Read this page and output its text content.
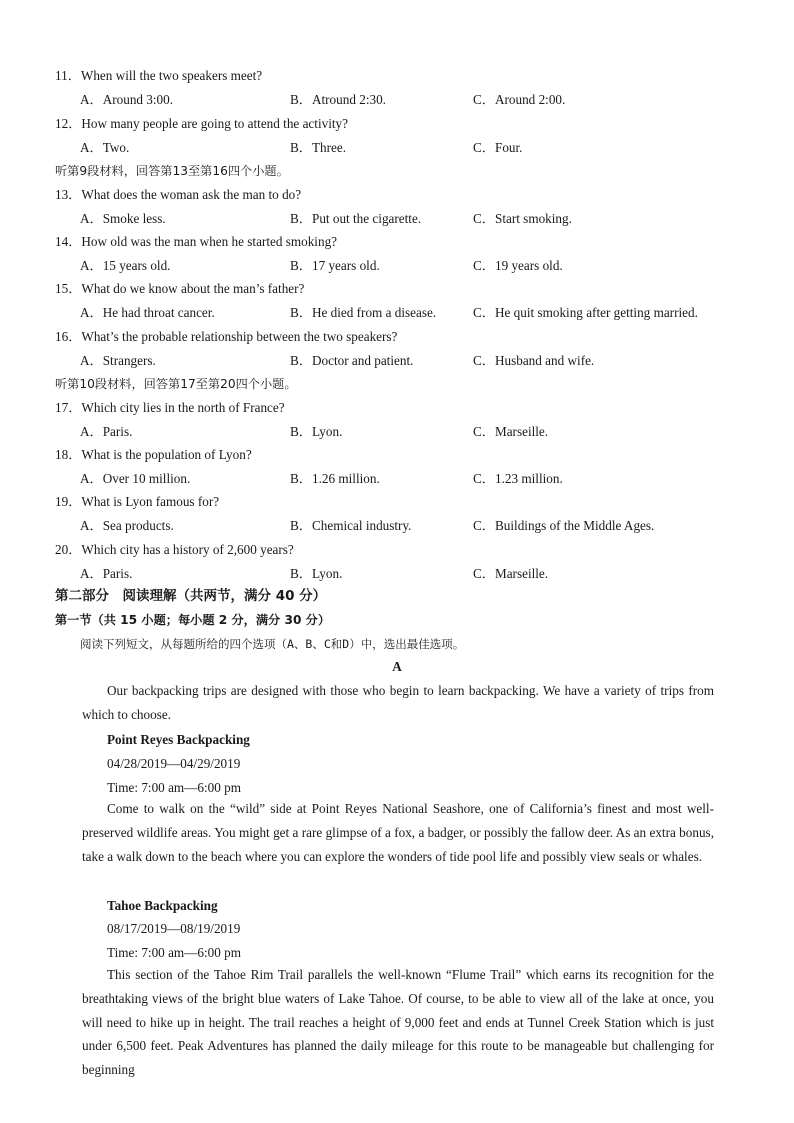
11．When will the two speakers meet?
A．Around 3:00.	B．Atround 2:30.	C．Around 2:00.
12．How many people are going to attend the activity?
A．Two.	B．Three.	C．Four.
听第9段材料，回答第13至第16四个小题。
13．What does the woman ask the man to do?
A．Smoke less.	B．Put out the cigarette.	C．Start smoking.
14．How old was the man when he started smoking?
A．15 years old.	B．17 years old.	C．19 years old.
15．What do we know about the man’s father?
A．He had throat cancer.	B．He died from a disease.	C．He quit smoking after getting married.
16．What’s the probable relationship between the two speakers?
A．Strangers.	B．Doctor and patient.	C．Husband and wife.
听第10段材料，回答第17至第20四个小题。
17．Which city lies in the north of France?
A．Paris.	B．Lyon.	C．Marseille.
18．What is the population of Lyon?
A．Over 10 million.	B．1.26 million.	C．1.23 million.
19．What is Lyon famous for?
A．Sea products.	B．Chemical industry.	C．Buildings of the Middle Ages.
20．Which city has a history of 2,600 years?
A．Paris.	B．Lyon.	C．Marseille.
第二部分　阅读理解（共两节，满分 40 分）
第一节（共 15 小题；每小题 2 分，满分 30 分）
阅读下列短文，从每题所给的四个选项（A、B、C和D）中，选出最佳选项。
A

Our backpacking trips are designed with those who begin to learn backpacking. We have a variety of trips from which to choose.

Point Reyes Backpacking
04/28/2019—04/29/2019
Time: 7:00 am—6:00 pm

Come to walk on the “wild” side at Point Reyes National Seashore, one of California’s finest and most well-preserved wildlife areas. You might get a rare glimpse of a fox, a badger, or possibly the fallow deer. As an extra bonus, take a walk down to the beach where you can explore the wonders of tide pool life and possibly view seals or whales.

Tahoe Backpacking
08/17/2019—08/19/2019
Time: 7:00 am—6:00 pm

This section of the Tahoe Rim Trail parallels the well-known “Flume Trail” which earns its recognition for the breathtaking views of the bright blue waters of Lake Tahoe. Of course, to be able to view all of the lake at once, you will need to hike up in height. The trail reaches a height of 9,000 feet and ends at Tunnel Creek Station which is just under 6,500 feet. Peak Adventures has planned the daily mileage for this route to be manageable but challenging for beginning
